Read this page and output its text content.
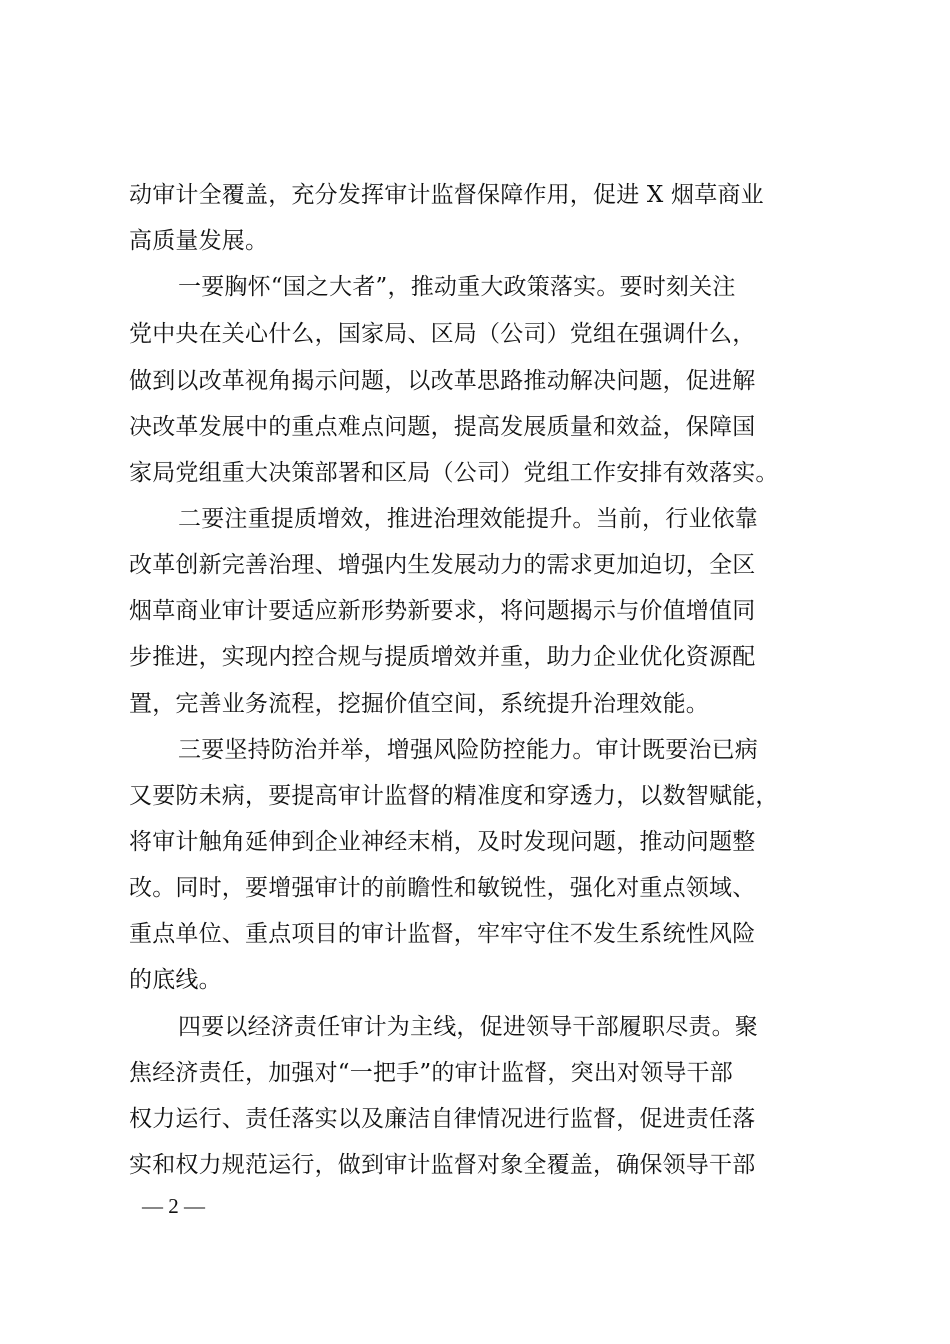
动审计全覆盖，充分发挥审计监督保障作用，促进 X 烟草商业
高质量发展。
一要胸怀“国之大者”，推动重大政策落实。要时刻关注
党中央在关心什么，国家局、区局（公司）党组在强调什么，
做到以改革视角揭示问题，以改革思路推动解决问题，促进解
决改革发展中的重点难点问题，提高发展质量和效益，保障国
家局党组重大决策部署和区局（公司）党组工作安排有效落实。
二要注重提质增效，推进治理效能提升。当前，行业依靠
改革创新完善治理、增强内生发展动力的需求更加迫切，全区
烟草商业审计要适应新形势新要求，将问题揭示与价值增值同
步推进，实现内控合规与提质增效并重，助力企业优化资源配
置，完善业务流程，挖掘价值空间，系统提升治理效能。
三要坚持防治并举，增强风险防控能力。审计既要治已病
又要防未病，要提高审计监督的精准度和穿透力，以数智赋能，
将审计触角延伸到企业神经末梢，及时发现问题，推动问题整
改。同时，要增强审计的前瞻性和敏锐性，强化对重点领域、
重点单位、重点项目的审计监督，牢牢守住不发生系统性风险
的底线。
四要以经济责任审计为主线，促进领导干部履职尽责。聚
焦经济责任，加强对“一把手”的审计监督，突出对领导干部
权力运行、责任落实以及廉洁自律情况进行监督，促进责任落
实和权力规范运行，做到审计监督对象全覆盖，确保领导干部
— 2 —
